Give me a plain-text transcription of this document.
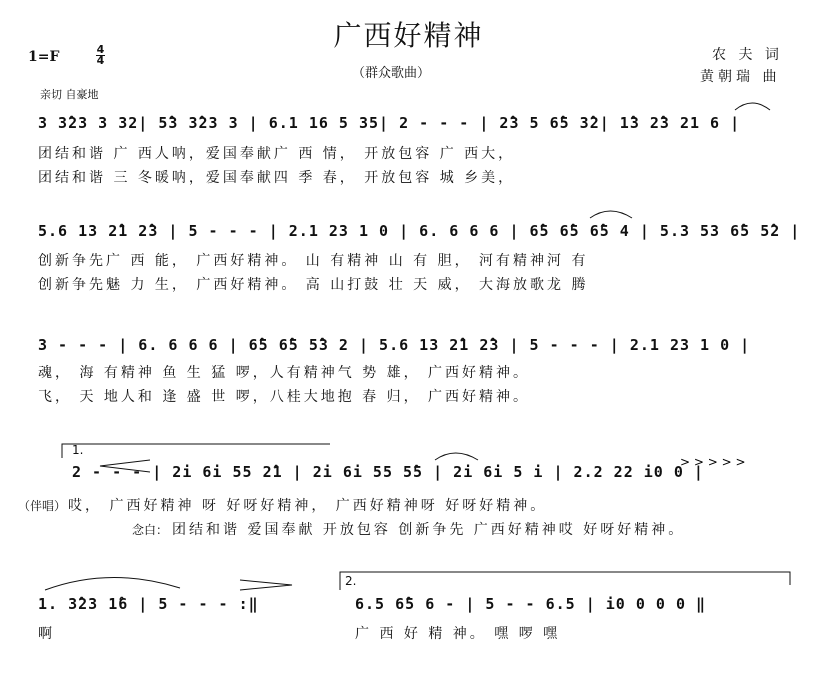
广西好精神
（群众歌曲）
1=F	4
4
亲切 自豪地
农 夫 词
黄朝瑞 曲
3 3̂23 3 32| 5̂3 3̂23 3 | 6.1 16 5 35| 2 - - - | 2̂3 5 6̂5 3̂2| 1̂3 2̂3 21 6 |
团结和谐 广 西人呐，爱国奉献广 西 情， 开放包容 广 西大，
团结和谐 三 冬暖呐，爱国奉献四 季 春， 开放包容 城 乡美，
5.6 13 2̂1 2̂3 | 5 - - - | 2.1 23 1 0 | 6. 6 6 6 | 6̂5 6̂5 6̂5 4 | 5.3 53 6̂5 5̂2 |
创新争先广 西 能， 广西好精神。 山 有精神 山 有 胆， 河有精神河 有
创新争先魅 力 生， 广西好精神。 高 山打鼓 壮 天 威， 大海放歌龙 腾
3 - - - | 6. 6 6 6 | 6̂5 6̂5 5̂3 2 | 5.6 13 2̂1 2̂3 | 5 - - - | 2.1 23 1 0 |
魂， 海 有精神 鱼 生 猛 啰，人有精神气 势 雄， 广西好精神。
飞， 天 地人和 逢 盛 世 啰，八桂大地抱 春 归， 广西好精神。
1.
2 - - - | 2i 6i 55 2̂1 | 2i 6i 55 5̂5 | 2i 6i 5 i | 2.2 22 i0 0 |
（伴唱） 哎， 广西好精神 呀 好呀好精神， 广西好精神呀 好呀好精神。
念白： 团结和谐 爱国奉献 开放包容 创新争先 广西好精神哎 好呀好精神。
1. 3̂23 1̂6 | 5 - - - :‖
2.
6.5 6̂5 6 - | 5 - - 6.5 | i0 0 0 0 ‖
啊	广 西 好 精 神。 嘿 啰 嘿
> > > > >
